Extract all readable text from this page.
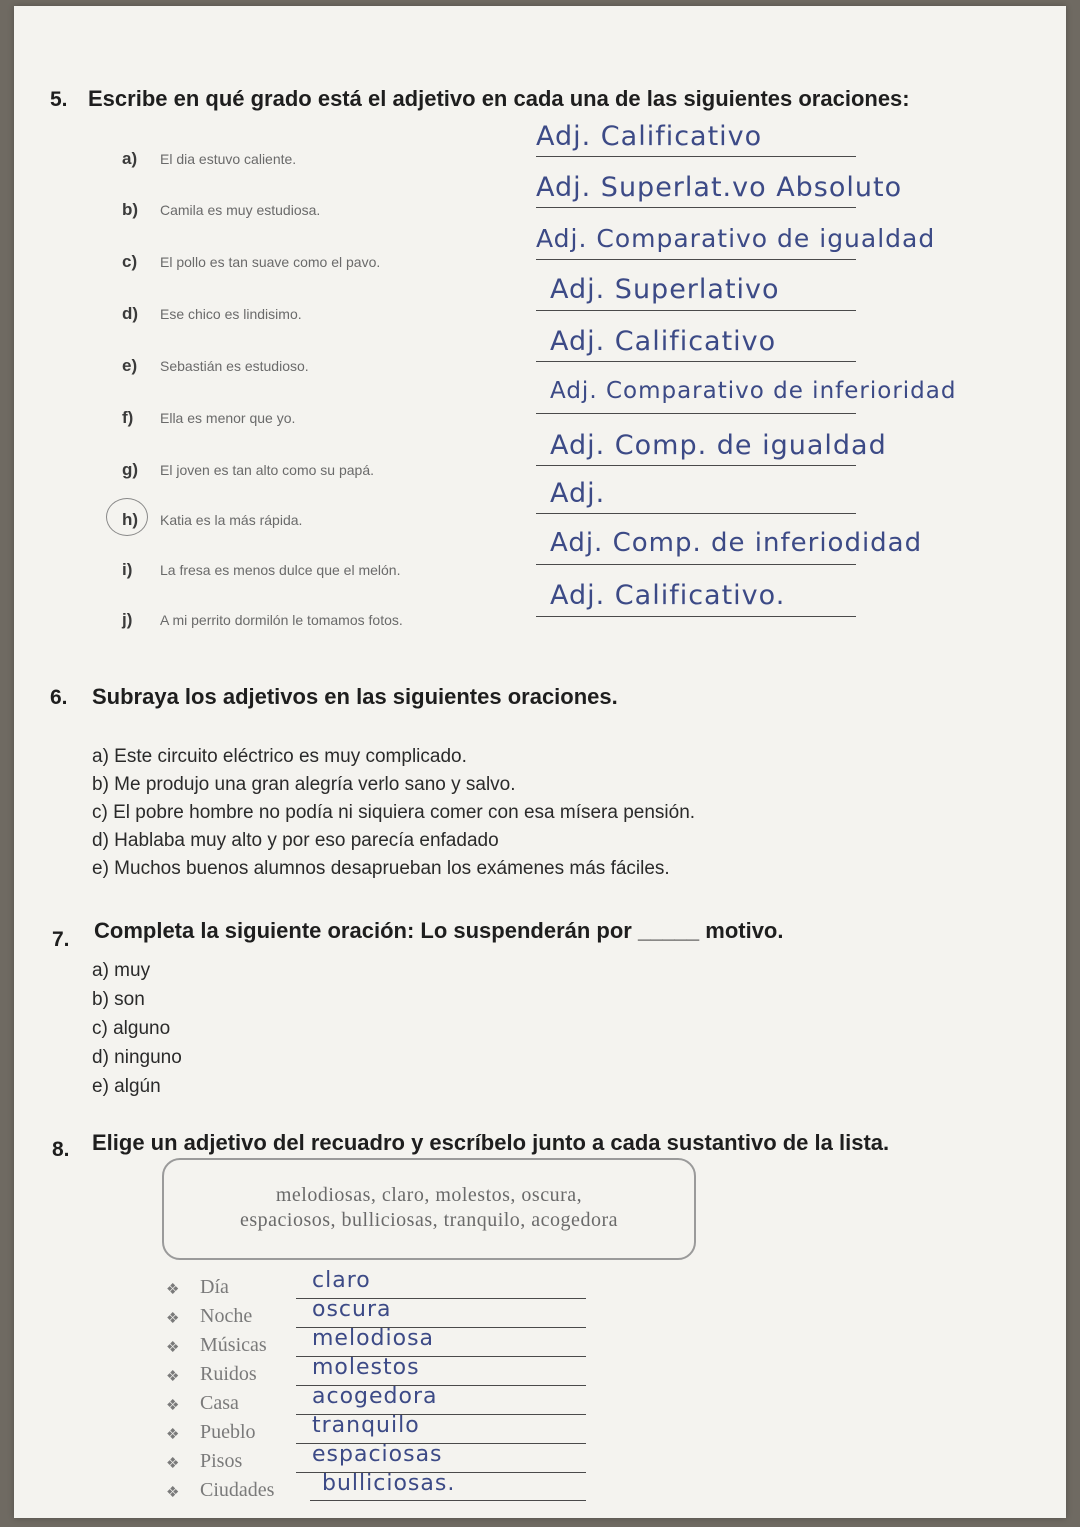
5. Escribe en qué grado está el adjetivo en cada una de las siguientes oraciones:
a) El dia estuvo caliente.
Adj. Calificativo
b) Camila es muy estudiosa.
Adj. Superlat.vo Absoluto
c) El pollo es tan suave como el pavo.
Adj. Comparativo de igualdad
d) Ese chico es lindisimo.
Adj. Superlativo
e) Sebastián es estudioso.
Adj. Calificativo
f) Ella es menor que yo.
Adj. Comparativo de inferioridad
g) El joven es tan alto como su papá.
Adj. Comp. de igualdad
h) Katia es la más rápida.
Adj.
i) La fresa es menos dulce que el melón.
Adj. Comp. de inferiodidad
j) A mi perrito dormilón le tomamos fotos.
Adj. Calificativo.
6. Subraya los adjetivos en las siguientes oraciones.
a) Este circuito eléctrico es muy complicado.
b) Me produjo una gran alegría verlo sano y salvo.
c) El pobre hombre no podía ni siquiera comer con esa mísera pensión.
d) Hablaba muy alto y por eso parecía enfadado
e) Muchos buenos alumnos desaprueban los exámenes más fáciles.
7. Completa la siguiente oración: Lo suspenderán por _____ motivo.
a) muy
b) son
c) alguno
d) ninguno
e) algún
8. Elige un adjetivo del recuadro y escríbelo junto a cada sustantivo de la lista.
melodiosas, claro, molestos, oscura,
espaciosos, bulliciosas, tranquilo, acogedora
❖ Día	claro
❖ Noche	oscura
❖ Músicas melodiosa
❖ Ruidos	molestos
❖ Casa	acogedora
❖ Pueblo	tranquilo
❖ Pisos	espaciosas
❖ Ciudades bulliciosas.
